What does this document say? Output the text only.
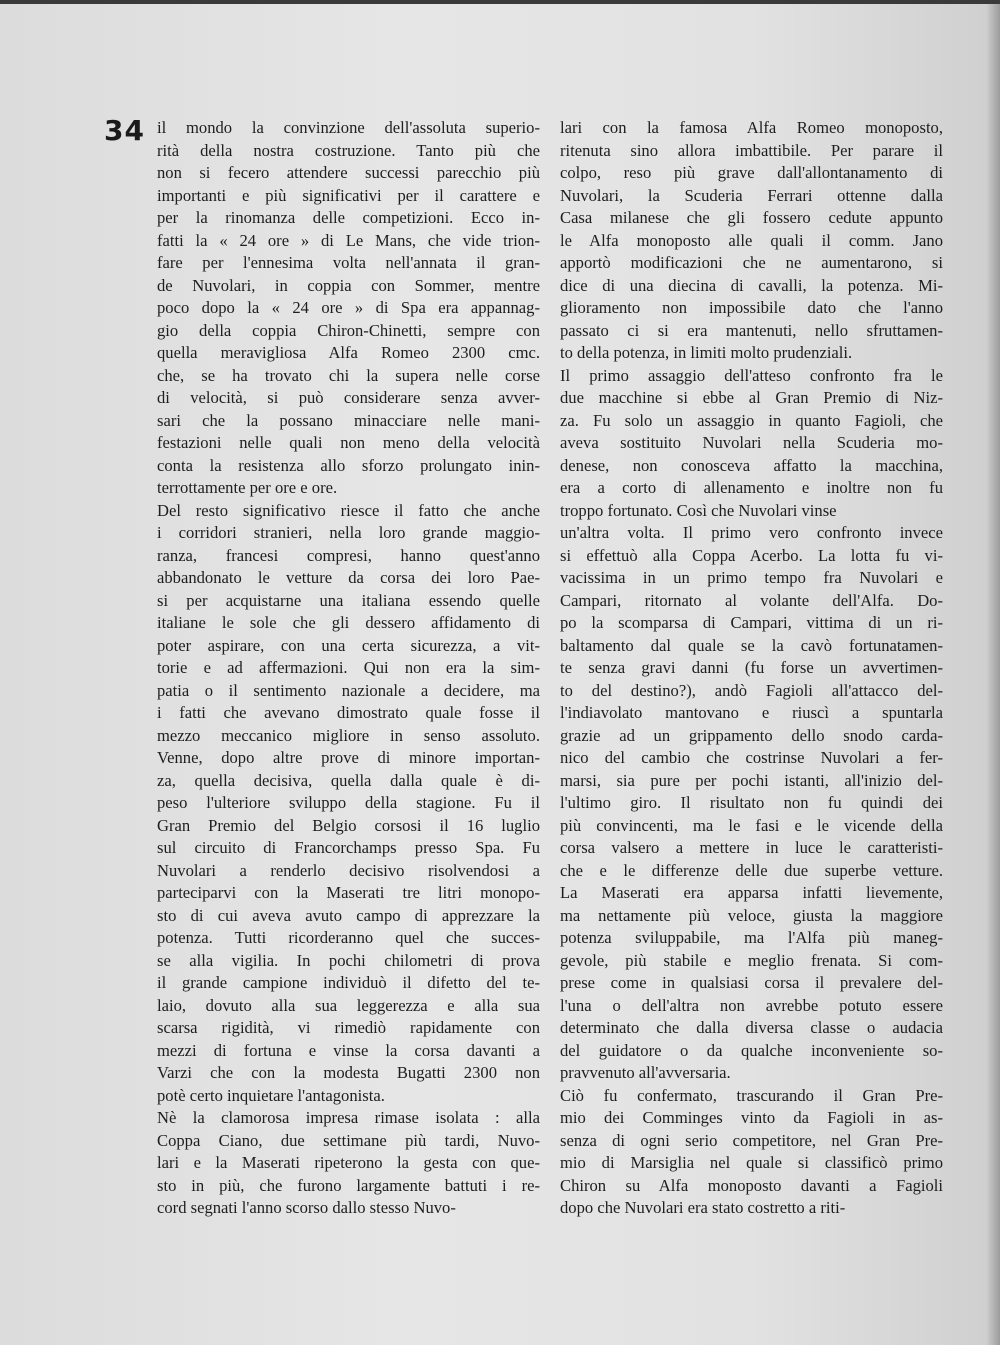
34 il mondo la convinzione dell'assoluta superio-
rità della nostra costruzione. Tanto più che
non si fecero attendere successi parecchio più
importanti e più significativi per il carattere e
per la rinomanza delle competizioni. Ecco in-
fatti la « 24 ore » di Le Mans, che vide trion-
fare per l'ennesima volta nell'annata il gran-
de Nuvolari, in coppia con Sommer, mentre
poco dopo la « 24 ore » di Spa era appannag-
gio della coppia Chiron-Chinetti, sempre con
quella meravigliosa Alfa Romeo 2300 cmc.
che, se ha trovato chi la supera nelle corse
di velocità, si può considerare senza avver-
sari che la possano minacciare nelle mani-
festazioni nelle quali non meno della velocità
conta la resistenza allo sforzo prolungato inin-
terrottamente per ore e ore.
Del resto significativo riesce il fatto che anche
i corridori stranieri, nella loro grande maggio-
ranza, francesi compresi, hanno quest'anno
abbandonato le vetture da corsa dei loro Pae-
si per acquistarne una italiana essendo quelle
italiane le sole che gli dessero affidamento di
poter aspirare, con una certa sicurezza, a vit-
torie e ad affermazioni. Qui non era la sim-
patia o il sentimento nazionale a decidere, ma
i fatti che avevano dimostrato quale fosse il
mezzo meccanico migliore in senso assoluto.
Venne, dopo altre prove di minore importan-
za, quella decisiva, quella dalla quale è di-
peso l'ulteriore sviluppo della stagione. Fu il
Gran Premio del Belgio corsosi il 16 luglio
sul circuito di Francorchamps presso Spa. Fu
Nuvolari a renderlo decisivo risolvendosi a
parteciparvi con la Maserati tre litri monopo-
sto di cui aveva avuto campo di apprezzare la
potenza. Tutti ricorderanno quel che succes-
se alla vigilia. In pochi chilometri di prova
il grande campione individuò il difetto del te-
laio, dovuto alla sua leggerezza e alla sua
scarsa rigidità, vi rimediò rapidamente con
mezzi di fortuna e vinse la corsa davanti a
Varzi che con la modesta Bugatti 2300 non
potè certo inquietare l'antagonista.
Nè la clamorosa impresa rimase isolata : alla
Coppa Ciano, due settimane più tardi, Nuvo-
lari e la Maserati ripeterono la gesta con que-
sto in più, che furono largamente battuti i re-
cord segnati l'anno scorso dallo stesso Nuvo-
lari con la famosa Alfa Romeo monoposto,
ritenuta sino allora imbattibile. Per parare il
colpo, reso più grave dall'allontanamento di
Nuvolari, la Scuderia Ferrari ottenne dalla
Casa milanese che gli fossero cedute appunto
le Alfa monoposto alle quali il comm. Jano
apportò modificazioni che ne aumentarono, si
dice di una diecina di cavalli, la potenza. Mi-
glioramento non impossibile dato che l'anno
passato ci si era mantenuti, nello sfruttamen-
to della potenza, in limiti molto prudenziali.
Il primo assaggio dell'atteso confronto fra le
due macchine si ebbe al Gran Premio di Niz-
za. Fu solo un assaggio in quanto Fagioli, che
aveva sostituito Nuvolari nella Scuderia mo-
denese, non conosceva affatto la macchina,
era a corto di allenamento e inoltre non fu
troppo fortunato. Così che Nuvolari vinse
un'altra volta. Il primo vero confronto invece
si effettuò alla Coppa Acerbo. La lotta fu vi-
vacissima in un primo tempo fra Nuvolari e
Campari, ritornato al volante dell'Alfa. Do-
po la scomparsa di Campari, vittima di un ri-
baltamento dal quale se la cavò fortunatamen-
te senza gravi danni (fu forse un avvertimen-
to del destino?), andò Fagioli all'attacco del-
l'indiavolato mantovano e riuscì a spuntarla
grazie ad un grippamento dello snodo carda-
nico del cambio che costrinse Nuvolari a fer-
marsi, sia pure per pochi istanti, all'inizio del-
l'ultimo giro. Il risultato non fu quindi dei
più convincenti, ma le fasi e le vicende della
corsa valsero a mettere in luce le caratteristi-
che e le differenze delle due superbe vetture.
La Maserati era apparsa infatti lievemente,
ma nettamente più veloce, giusta la maggiore
potenza sviluppabile, ma l'Alfa più maneg-
gevole, più stabile e meglio frenata. Si com-
prese come in qualsiasi corsa il prevalere del-
l'una o dell'altra non avrebbe potuto essere
determinato che dalla diversa classe o audacia
del guidatore o da qualche inconveniente so-
pravvenuto all'avversaria.
Ciò fu confermato, trascurando il Gran Pre-
mio dei Comminges vinto da Fagioli in as-
senza di ogni serio competitore, nel Gran Pre-
mio di Marsiglia nel quale si classificò primo
Chiron su Alfa monoposto davanti a Fagioli
dopo che Nuvolari era stato costretto a riti-
